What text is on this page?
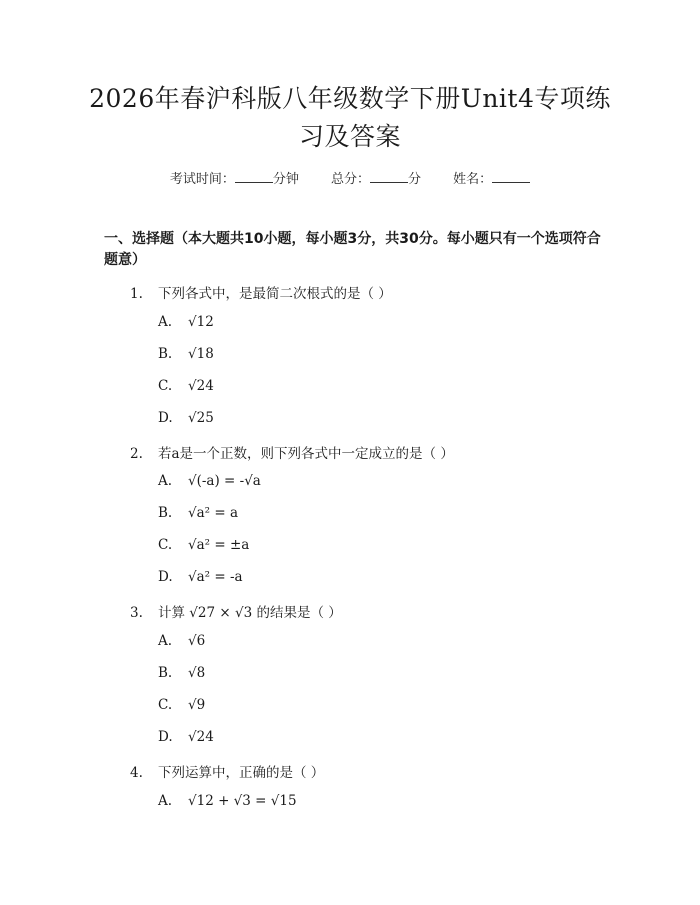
2026年春沪科版八年级数学下册Unit4专项练习及答案
考试时间：	分钟 总分：	分 姓名：
一、选择题（本大题共10小题，每小题3分，共30分。每小题只有一个选项符合题意）
1. 下列各式中，是最简二次根式的是（ ）
A. √12
B. √18
C. √24
D. √25
2. 若a是一个正数，则下列各式中一定成立的是（ ）
A. √(-a) = -√a
B. √a² = a
C. √a² = ±a
D. √a² = -a
3. 计算 √27 × √3 的结果是（ ）
A. √6
B. √8
C. √9
D. √24
4. 下列运算中，正确的是（ ）
A. √12 + √3 = √15
